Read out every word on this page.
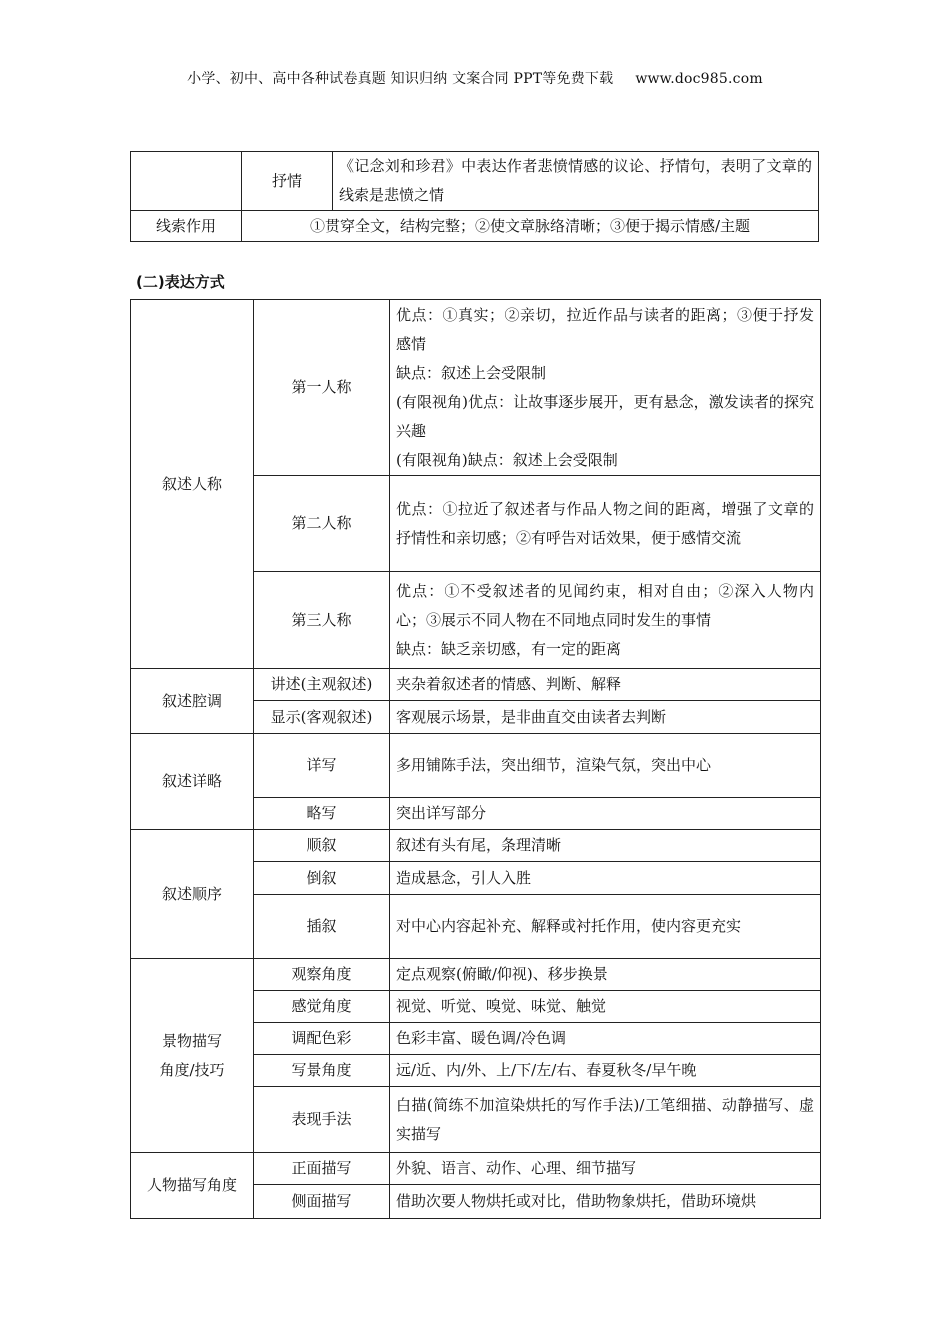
小学、初中、高中各种试卷真题 知识归纳 文案合同 PPT等免费下载 www.doc985.com
	抒情	《记念刘和珍君》中表达作者悲愤情感的议论、抒情句，表明了文章的线索是悲愤之情
线索作用	①贯穿全文，结构完整；②使文章脉络清晰；③便于揭示情感/主题	
(二)表达方式
叙述人称	第一人称	优点：①真实；②亲切，拉近作品与读者的距离；③便于抒发感情
缺点：叙述上会受限制
(有限视角)优点：让故事逐步展开，更有悬念，激发读者的探究兴趣
(有限视角)缺点：叙述上会受限制

	第二人称	优点：①拉近了叙述者与作品人物之间的距离，增强了文章的抒情性和亲切感；②有呼告对话效果，便于感情交流
	第三人称	优点：①不受叙述者的见闻约束，相对自由；②深入人物内心；③展示不同人物在不同地点同时发生的事情
缺点：缺乏亲切感，有一定的距离

叙述腔调	讲述(主观叙述)	夹杂着叙述者的情感、判断、解释
	显示(客观叙述)	客观展示场景，是非曲直交由读者去判断
叙述详略	详写	多用铺陈手法，突出细节，渲染气氛，突出中心
	略写	突出详写部分
叙述顺序	顺叙	叙述有头有尾，条理清晰
	倒叙	造成悬念，引人入胜
	插叙	对中心内容起补充、解释或衬托作用，使内容更充实

景物描写
角度/技巧	观察角度	定点观察(俯瞰/仰视)、移步换景
	感觉角度	视觉、听觉、嗅觉、味觉、触觉
	调配色彩	色彩丰富、暖色调/冷色调
	写景角度	远/近、内/外、上/下/左/右、春夏秋冬/早午晚
	表现手法	白描(简练不加渲染烘托的写作手法)/工笔细描、动静描写、虚实描写
人物描写角度	正面描写	外貌、语言、动作、心理、细节描写
	侧面描写	借助次要人物烘托或对比，借助物象烘托，借助环境烘
